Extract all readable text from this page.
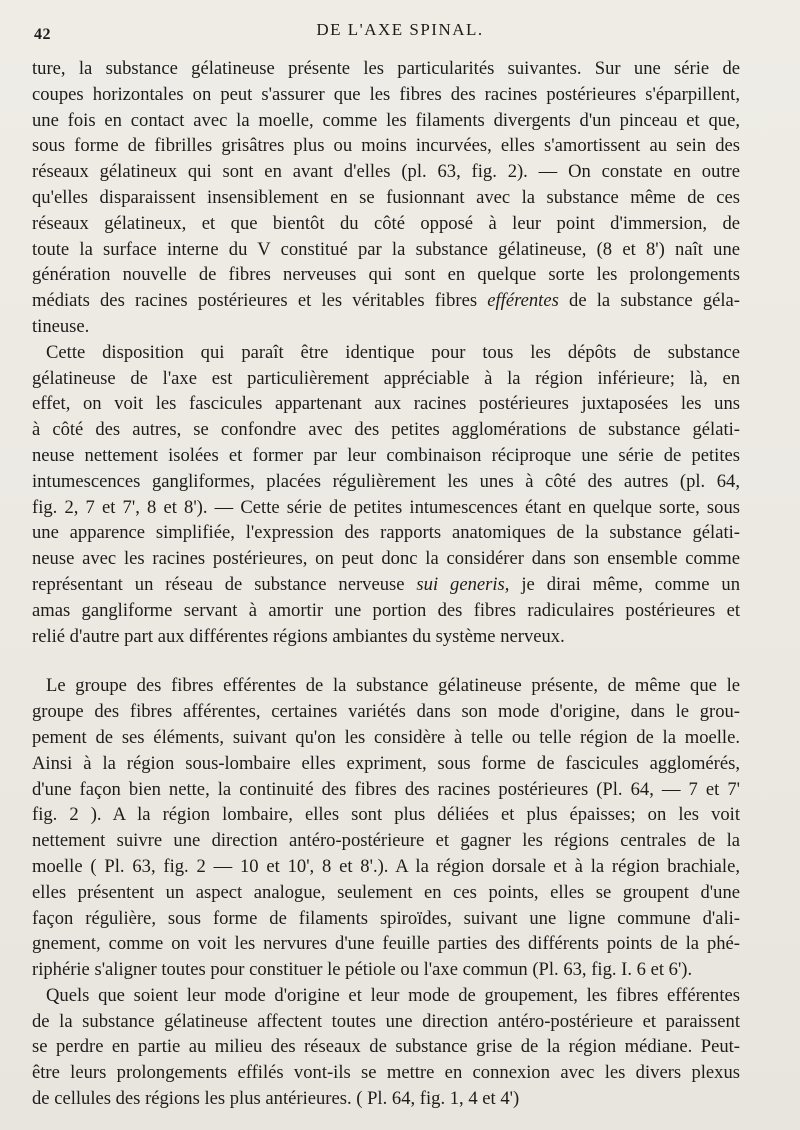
42	DE L'AXE SPINAL.
ture, la substance gélatineuse présente les particularités suivantes. Sur une série de
coupes horizontales on peut s'assurer que les fibres des racines postérieures s'éparpillent,
une fois en contact avec la moelle, comme les filaments divergents d'un pinceau et que,
sous forme de fibrilles grisâtres plus ou moins incurvées, elles s'amortissent au sein des
réseaux gélatineux qui sont en avant d'elles (pl. 63, fig. 2). — On constate en outre
qu'elles disparaissent insensiblement en se fusionnant avec la substance même de ces
réseaux gélatineux, et que bientôt du côté opposé à leur point d'immersion, de
toute la surface interne du V constitué par la substance gélatineuse, (8 et 8') naît une
génération nouvelle de fibres nerveuses qui sont en quelque sorte les prolongements
médiats des racines postérieures et les véritables fibres efférentes de la substance géla-
tineuse.
Cette disposition qui paraît être identique pour tous les dépôts de substance
gélatineuse de l'axe est particulièrement appréciable à la région inférieure; là, en
effet, on voit les fascicules appartenant aux racines postérieures juxtaposées les uns
à côté des autres, se confondre avec des petites agglomérations de substance gélati-
neuse nettement isolées et former par leur combinaison réciproque une série de petites
intumescences gangliformes, placées régulièrement les unes à côté des autres (pl. 64,
fig. 2, 7 et 7', 8 et 8'). — Cette série de petites intumescences étant en quelque sorte, sous
une apparence simplifiée, l'expression des rapports anatomiques de la substance gélati-
neuse avec les racines postérieures, on peut donc la considérer dans son ensemble comme
représentant un réseau de substance nerveuse sui generis, je dirai même, comme un
amas gangliforme servant à amortir une portion des fibres radiculaires postérieures et
relié d'autre part aux différentes régions ambiantes du système nerveux.
Le groupe des fibres efférentes de la substance gélatineuse présente, de même que le
groupe des fibres afférentes, certaines variétés dans son mode d'origine, dans le grou-
pement de ses éléments, suivant qu'on les considère à telle ou telle région de la moelle.
Ainsi à la région sous-lombaire elles expriment, sous forme de fascicules agglomérés,
d'une façon bien nette, la continuité des fibres des racines postérieures (Pl. 64, — 7 et 7'
fig. 2 ). A la région lombaire, elles sont plus déliées et plus épaisses; on les voit
nettement suivre une direction antéro-postérieure et gagner les régions centrales de la
moelle ( Pl. 63, fig. 2 — 10 et 10', 8 et 8'.). A la région dorsale et à la région brachiale,
elles présentent un aspect analogue, seulement en ces points, elles se groupent d'une
façon régulière, sous forme de filaments spiroïdes, suivant une ligne commune d'ali-
gnement, comme on voit les nervures d'une feuille parties des différents points de la phé-
riphérie s'aligner toutes pour constituer le pétiole ou l'axe commun (Pl. 63, fig. I. 6 et 6').
Quels que soient leur mode d'origine et leur mode de groupement, les fibres efférentes
de la substance gélatineuse affectent toutes une direction antéro-postérieure et paraissent
se perdre en partie au milieu des réseaux de substance grise de la région médiane. Peut-
être leurs prolongements effilés vont-ils se mettre en connexion avec les divers plexus
de cellules des régions les plus antérieures. ( Pl. 64, fig. 1, 4 et 4')
